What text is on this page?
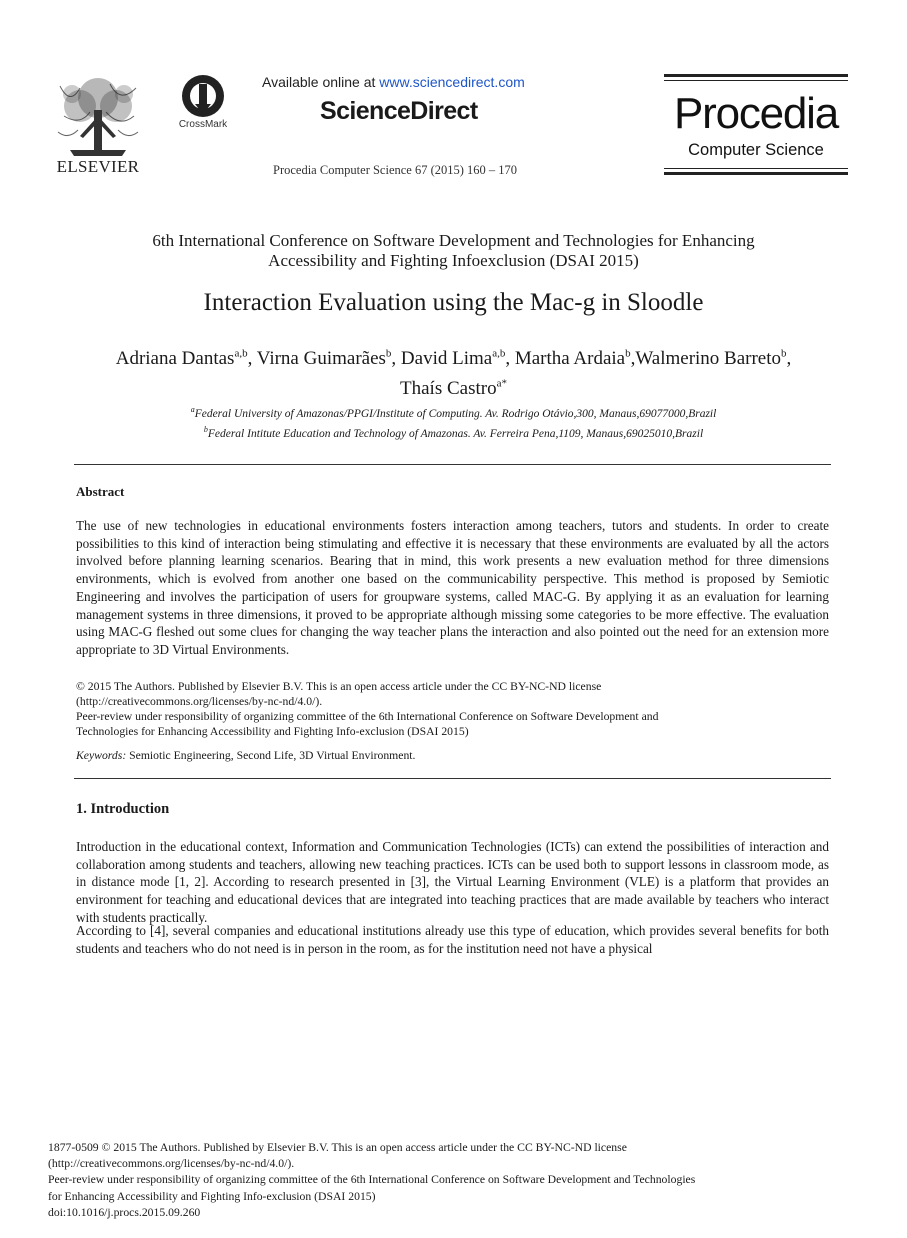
ELSEVIER
CrossMark
Available online at www.sciencedirect.com
ScienceDirect
Procedia Computer Science 67 (2015) 160 – 170
Procedia
Computer Science
6th International Conference on Software Development and Technologies for Enhancing
Accessibility and Fighting Infoexclusion (DSAI 2015)
Interaction Evaluation using the Mac-g in Sloodle
Adriana Dantas$^{a,b}$, Virna Guimarães$^b$, David Lima$^{a,b}$, Martha Ardaia$^b$,Walmerino Barreto$^b$, Thaís Castro$^{a*}$
$^a$Federal University of Amazonas/PPGI/Institute of Computing. Av. Rodrigo Otávio,300, Manaus,69077000,Brazil
$^b$Federal Intitute Education and Technology of Amazonas. Av. Ferreira Pena,1109, Manaus,69025010,Brazil
Abstract
The use of new technologies in educational environments fosters interaction among teachers, tutors and students. In order to create possibilities to this kind of interaction being stimulating and effective it is necessary that these environments are evaluated by all the actors involved before planning learning scenarios. Bearing that in mind, this work presents a new evaluation method for three dimensions environments, which is evolved from another one based on the communicability perspective. This method is proposed by Semiotic Engineering and involves the participation of users for groupware systems, called MAC-G. By applying it as an evaluation for learning management systems in three dimensions, it proved to be appropriate although missing some categories to be more effective. The evaluation using MAC-G fleshed out some clues for changing the way teacher plans the interaction and also pointed out the need for an extension more appropriate to 3D Virtual Environments.
© 2015 The Authors. Published by Elsevier B.V. This is an open access article under the CC BY-NC-ND license
(http://creativecommons.org/licenses/by-nc-nd/4.0/).
Peer-review under responsibility of organizing committee of the 6th International Conference on Software Development and
Technologies for Enhancing Accessibility and Fighting Info-exclusion (DSAI 2015)
Keywords: Semiotic Engineering, Second Life, 3D Virtual Environment.
1. Introduction
Introduction in the educational context, Information and Communication Technologies (ICTs) can extend the possibilities of interaction and collaboration among students and teachers, allowing new teaching practices. ICTs can be used both to support lessons in classroom mode, as in distance mode [1, 2]. According to research presented in [3], the Virtual Learning Environment (VLE) is a platform that provides an environment for teaching and educational devices that are integrated into teaching practices that are made available by teachers who interact with students practically.
According to [4], several companies and educational institutions already use this type of education, which provides several benefits for both students and teachers who do not need is in person in the room, as for the institution need not have a physical
1877-0509 © 2015 The Authors. Published by Elsevier B.V. This is an open access article under the CC BY-NC-ND license
(http://creativecommons.org/licenses/by-nc-nd/4.0/).
Peer-review under responsibility of organizing committee of the 6th International Conference on Software Development and Technologies
for Enhancing Accessibility and Fighting Info-exclusion (DSAI 2015)
doi:10.1016/j.procs.2015.09.260
